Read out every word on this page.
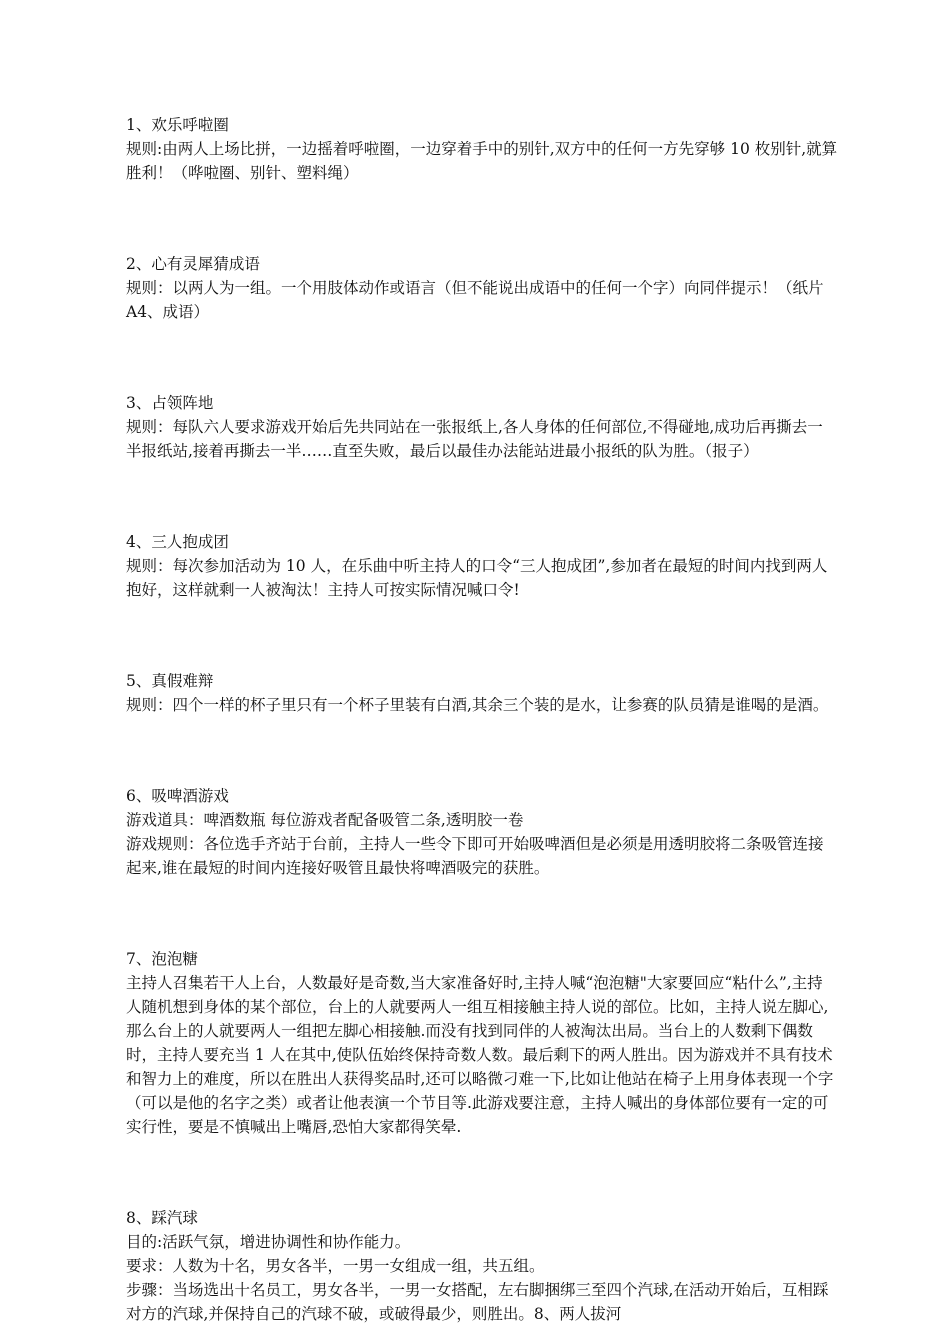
1、欢乐呼啦圈

规则:由两人上场比拼，一边摇着呼啦圈，一边穿着手中的别针,双方中的任何一方先穿够 10 枚别针,就算胜利！（哗啦圈、别针、塑料绳）

2、心有灵犀猜成语

规则：以两人为一组。一个用肢体动作或语言（但不能说出成语中的任何一个字）向同伴提示！（纸片 A4、成语）

3、占领阵地

规则：每队六人要求游戏开始后先共同站在一张报纸上,各人身体的任何部位,不得碰地,成功后再撕去一半报纸站,接着再撕去一半……直至失败，最后以最佳办法能站进最小报纸的队为胜。（报子）

4、三人抱成团

规则：每次参加活动为 10 人，在乐曲中听主持人的口令“三人抱成团”,参加者在最短的时间内找到两人抱好，这样就剩一人被淘汰！主持人可按实际情况喊口令!

5、真假难辩

规则：四个一样的杯子里只有一个杯子里装有白酒,其余三个装的是水，让参赛的队员猜是谁喝的是酒。

6、吸啤酒游戏

游戏道具：啤酒数瓶 每位游戏者配备吸管二条,透明胶一卷

游戏规则：各位选手齐站于台前，主持人一些令下即可开始吸啤酒但是必须是用透明胶将二条吸管连接起来,谁在最短的时间内连接好吸管且最快将啤酒吸完的获胜。

7、泡泡糖

主持人召集若干人上台，人数最好是奇数,当大家准备好时,主持人喊“泡泡糖"大家要回应“粘什么”,主持人随机想到身体的某个部位，台上的人就要两人一组互相接触主持人说的部位。比如，主持人说左脚心,那么台上的人就要两人一组把左脚心相接触.而没有找到同伴的人被淘汰出局。当台上的人数剩下偶数时，主持人要充当 1 人在其中,使队伍始终保持奇数人数。最后剩下的两人胜出。因为游戏并不具有技术和智力上的难度，所以在胜出人获得奖品时,还可以略微刁难一下,比如让他站在椅子上用身体表现一个字（可以是他的名字之类）或者让他表演一个节目等.此游戏要注意，主持人喊出的身体部位要有一定的可实行性，要是不慎喊出上嘴唇,恐怕大家都得笑晕.

8、踩汽球

目的:活跃气氛，增进协调性和协作能力。

要求：人数为十名，男女各半，一男一女组成一组，共五组。

步骤：当场选出十名员工，男女各半，一男一女搭配，左右脚捆绑三至四个汽球,在活动开始后，互相踩对方的汽球,并保持自己的汽球不破，或破得最少，则胜出。8、两人拔河
